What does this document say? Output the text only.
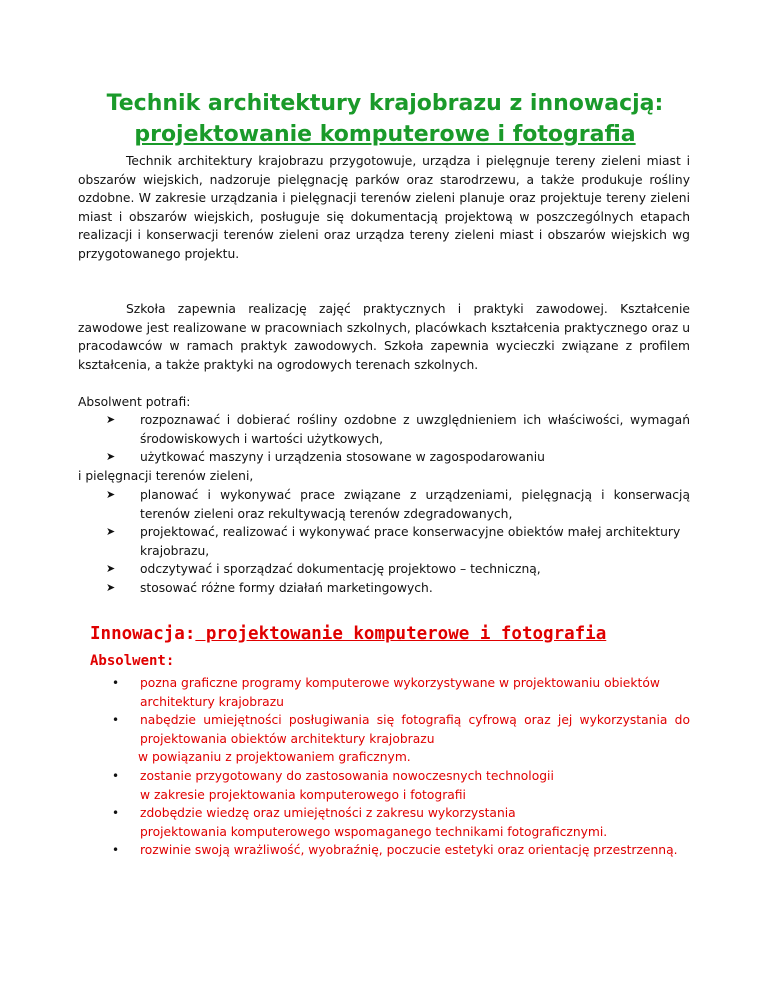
Technik architektury krajobrazu z innowacją:
projektowanie komputerowe i fotografia

Technik architektury krajobrazu przygotowuje, urządza i pielęgnuje tereny zieleni miast i obszarów wiejskich, nadzoruje pielęgnację parków oraz starodrzewu, a także produkuje rośliny ozdobne. W zakresie urządzania i pielęgnacji terenów zieleni planuje oraz projektuje tereny zieleni miast i obszarów wiejskich, posługuje się dokumentacją projektową w poszczególnych etapach realizacji i konserwacji terenów zieleni oraz urządza tereny zieleni miast i obszarów wiejskich wg przygotowanego projektu.

Szkoła zapewnia realizację zajęć praktycznych i praktyki zawodowej. Kształcenie zawodowe jest realizowane w pracowniach szkolnych, placówkach kształcenia praktycznego oraz u pracodawców w ramach praktyk zawodowych. Szkoła zapewnia wycieczki związane z profilem kształcenia, a także praktyki na ogrodowych terenach szkolnych.

Absolwent potrafi:

➤ rozpoznawać i dobierać rośliny ozdobne z uwzględnieniem ich właściwości, wymagań środowiskowych i wartości użytkowych,
➤ użytkować maszyny i urządzenia stosowane w zagospodarowaniu
i pielęgnacji terenów zieleni,
➤ planować i wykonywać prace związane z urządzeniami, pielęgnacją i konserwacją terenów zieleni oraz rekultywacją terenów zdegradowanych,
➤ projektować, realizować i wykonywać prace konserwacyjne obiektów małej architektury krajobrazu,
➤ odczytywać i sporządzać dokumentację projektowo – techniczną,
➤ stosować różne formy działań marketingowych.
Innowacja: projektowanie komputerowe i fotografia
Absolwent:
• pozna graficzne programy komputerowe wykorzystywane w projektowaniu obiektów architektury krajobrazu
• nabędzie umiejętności posługiwania się fotografią cyfrową oraz jej wykorzystania do projektowania obiektów architektury krajobrazu
w powiązaniu z projektowaniem graficznym.
• zostanie przygotowany do zastosowania nowoczesnych technologii
w zakresie projektowania komputerowego i fotografii
• zdobędzie wiedzę oraz umiejętności z zakresu wykorzystania
projektowania komputerowego wspomaganego technikami fotograficznymi.
• rozwinie swoją wrażliwość, wyobraźnię, poczucie estetyki oraz orientację przestrzenną.
